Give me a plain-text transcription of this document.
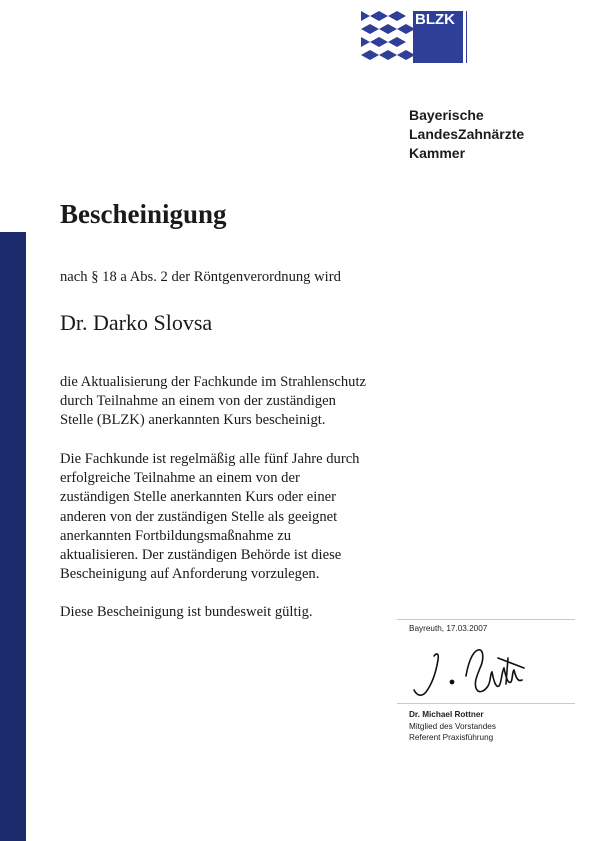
BLZK
Bayerische
LandesZahnärzte
Kammer
Bescheinigung
nach § 18 a Abs. 2 der Röntgenverordnung wird
Dr. Darko Slovsa

die Aktualisierung der Fachkunde im Strahlenschutz
durch Teilnahme an einem von der zuständigen
Stelle (BLZK) anerkannten Kurs bescheinigt.

Die Fachkunde ist regelmäßig alle fünf Jahre durch
erfolgreiche Teilnahme an einem von der
zuständigen Stelle anerkannten Kurs oder einer
anderen von der zuständigen Stelle als geeignet
anerkannten Fortbildungsmaßnahme zu
aktualisieren. Der zuständigen Behörde ist diese
Bescheinigung auf Anforderung vorzulegen.

Diese Bescheinigung ist bundesweit gültig.

Bayreuth, 17.03.2007
Dr. Michael Rottner
Mitglied des Vorstandes
Referent Praxisführung
